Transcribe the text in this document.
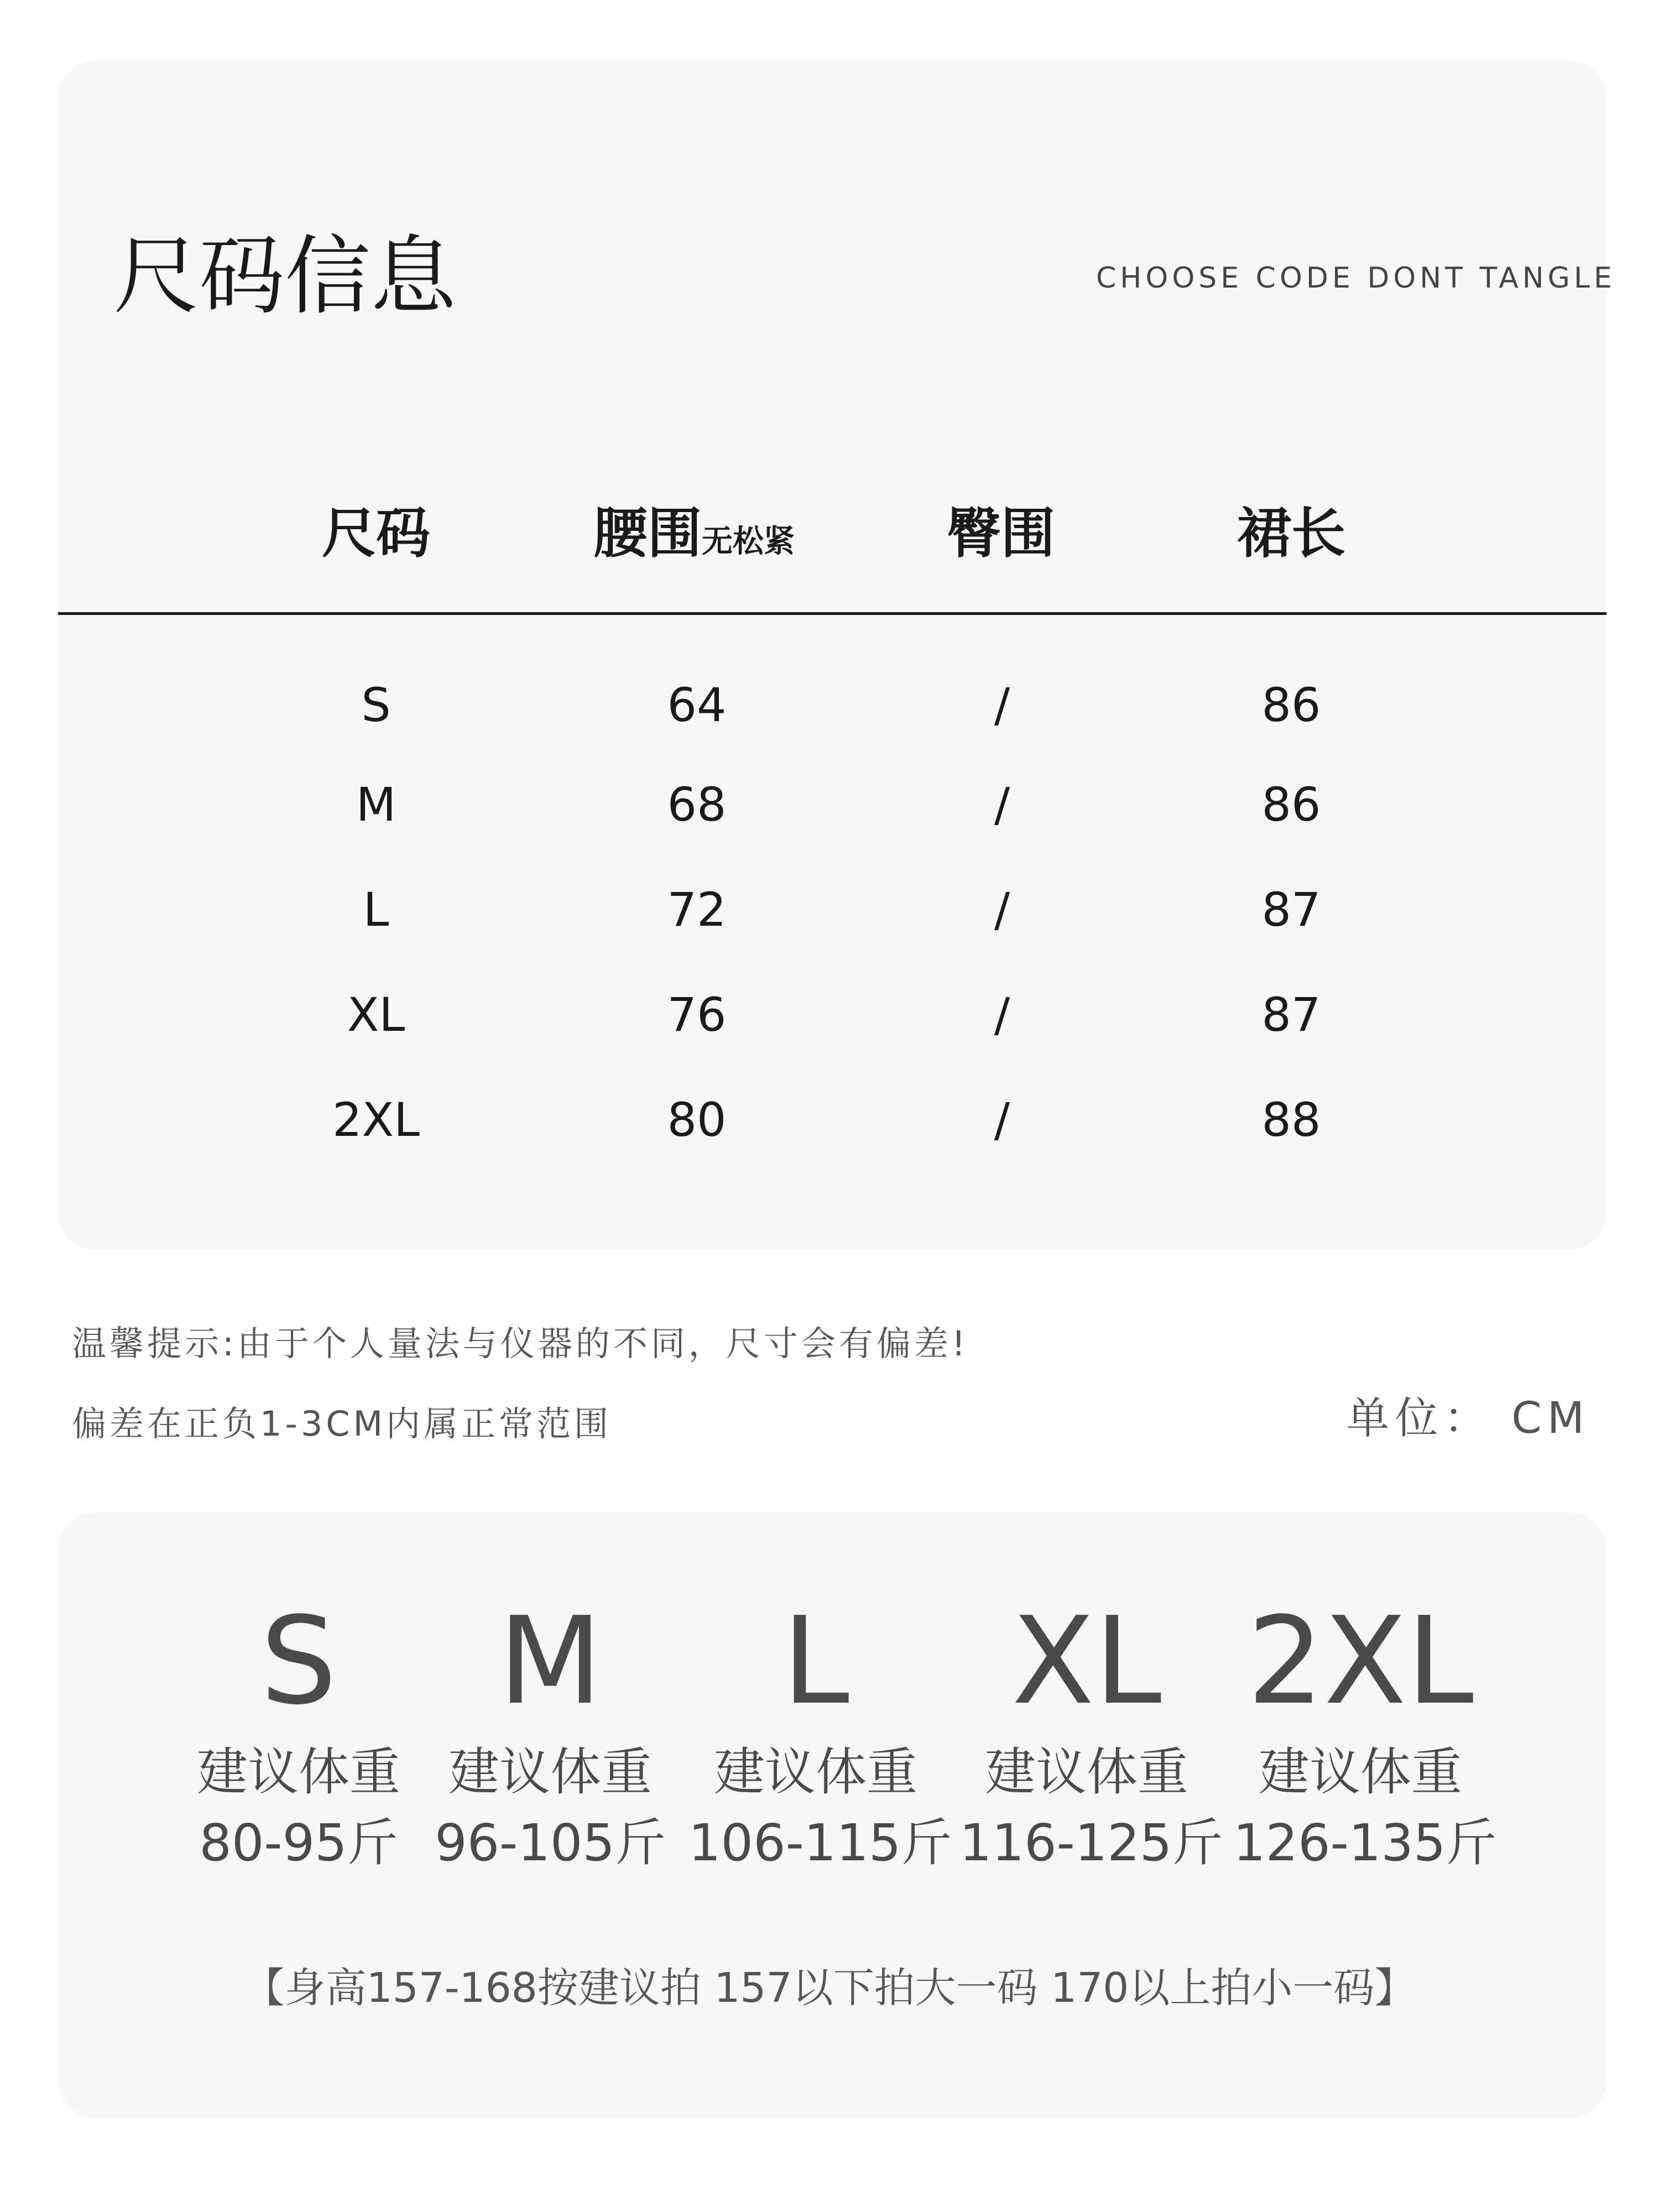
尺码信息	CHOOSE CODE DONT TANGLE
尺码	腰围无松紧	臀围	裙长
S	64	/	86
M	68	/	86
L	72	/	87
XL	76	/	87
2XL	80	/	88
温馨提示:由于个人量法与仪器的不同，尺寸会有偏差!
偏差在正负1-3CM内属正常范围	单位： CM
S
建议体重
80-95斤
M
建议体重
96-105斤
L
建议体重
106-115斤
XL
建议体重
116-125斤
2XL
建议体重
126-135斤
【身高157-168按建议拍 157以下拍大一码 170以上拍小一码】
